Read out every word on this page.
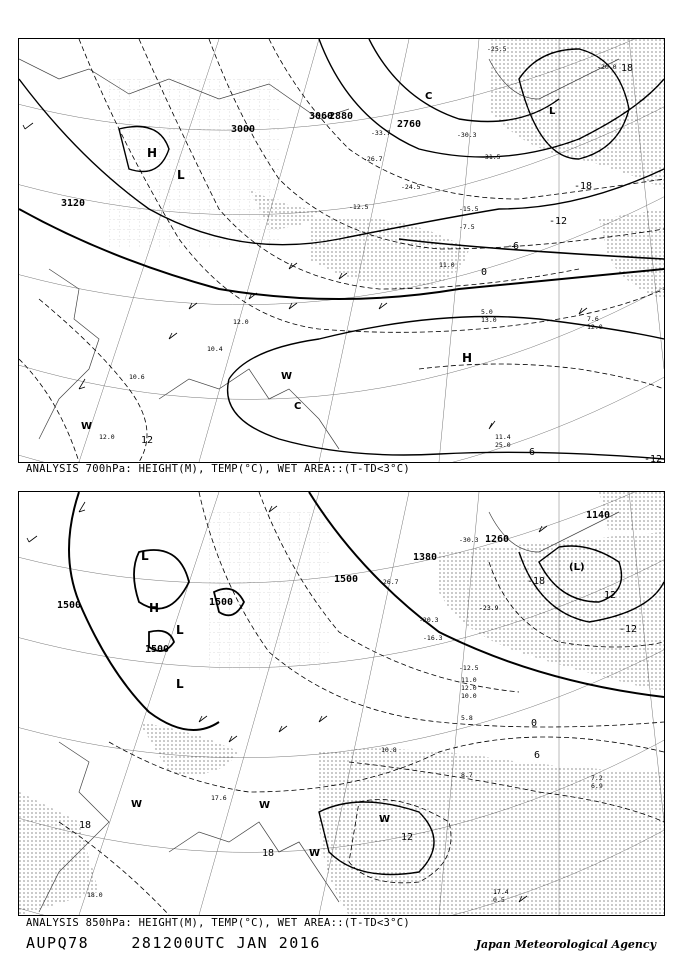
3000
3120
3060
2880
2760
-18
-12
-6
0
6
12
-12
18
H
L
H
W
C
C
W
L
-33.7
-31.5
-24.5
-12.5
-7.5
11.0
12.0
5.0
13.0	7.6
12.0
10.4
12.0	11.4
25.0
10.6
-15.5
-26.7
-30.3
-25.5
-20.0
ANALYSIS 700hPa: HEIGHT(M), TEMP(°C), WET AREA::(T-TD<3°C)
1500	1500
1500
1500
1380
1260
1140
18
12
6
0
-18
12
18
-12
L
H
L
L
W	W
W
W
(L)
-26.7
-23.9
-16.3
11.0
12.0
10.0
5.8
10.8
8.7	7.2
6.9
17.6
18.0	17.4
0.5
-12.5
-30.3
-20.3
ANALYSIS 850hPa: HEIGHT(M), TEMP(°C), WET AREA::(T-TD<3°C)
AUPQ78	281200UTC JAN 2016	Japan Meteorological Agency
